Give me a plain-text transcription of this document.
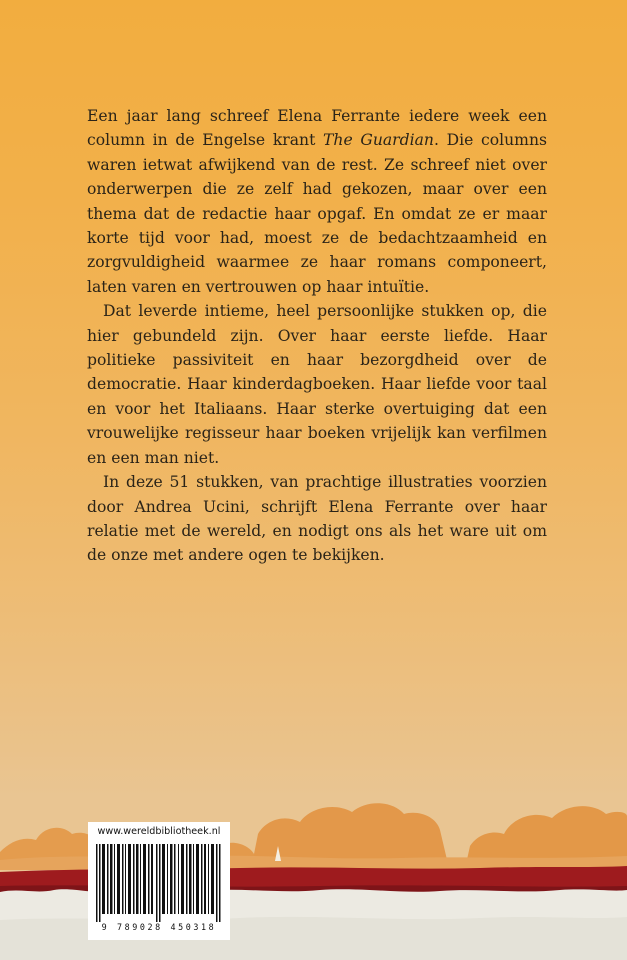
Een jaar lang schreef Elena Ferrante iedere week een column in de Engelse krant The Guardian. Die columns waren ietwat afwijkend van de rest. Ze schreef niet over onderwerpen die ze zelf had gekozen, maar over een thema dat de redactie haar opgaf. En omdat ze er maar korte tijd voor had, moest ze de bedachtzaamheid en zorgvuldigheid waarmee ze haar romans componeert, laten varen en vertrouwen op haar intuïtie.

Dat leverde intieme, heel persoonlijke stukken op, die hier gebundeld zijn. Over haar eerste liefde. Haar politieke passiviteit en haar bezorgdheid over de democratie. Haar kinderdagboeken. Haar liefde voor taal en voor het Italiaans. Haar sterke overtuiging dat een vrouwelijke regisseur haar boeken vrijelijk kan verfilmen en een man niet.

In deze 51 stukken, van prachtige illustraties voorzien door Andrea Ucini, schrijft Elena Ferrante over haar relatie met de wereld, en nodigt ons als het ware uit om de onze met andere ogen te bekijken.

www.wereldbibliotheek.nl
9 789028 450318
